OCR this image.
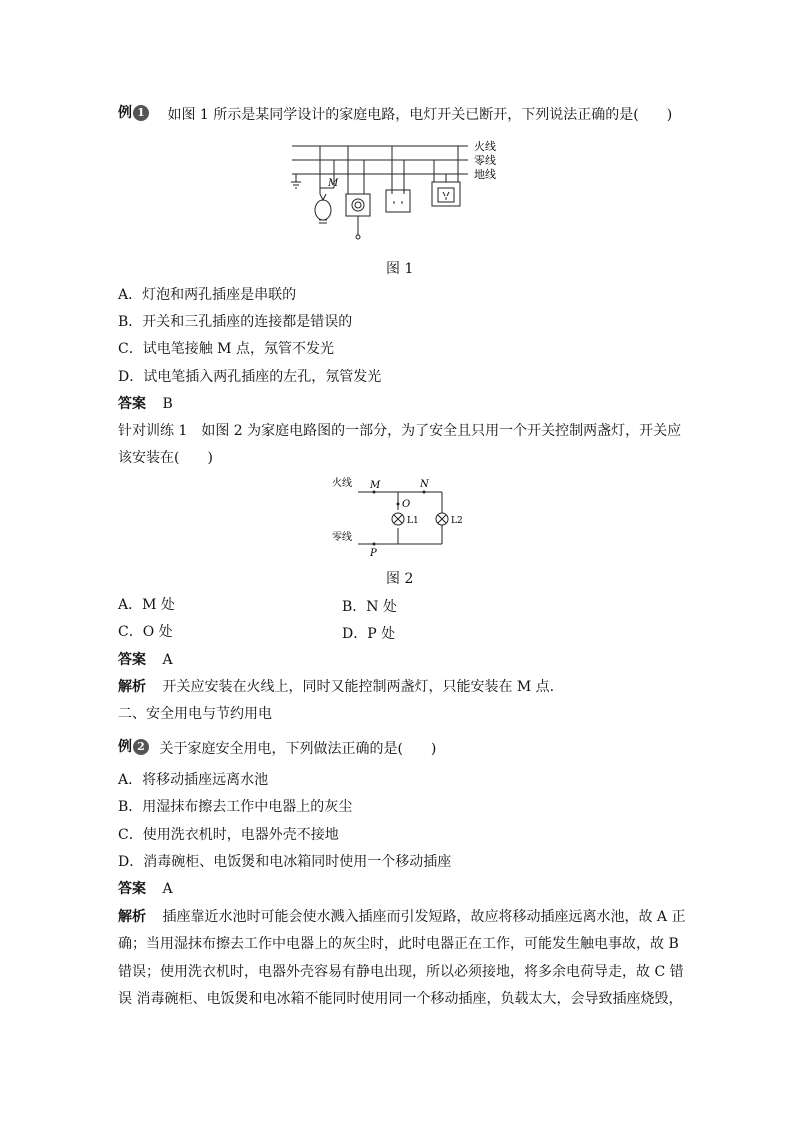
例 1 如图 1 所示是某同学设计的家庭电路，电灯开关已断开，下列说法正确的是(　　)
火线
零线
地线
M
图 1
A．灯泡和两孔插座是串联的
B．开关和三孔插座的连接都是错误的
C．试电笔接触 M 点，氖管不发光
D．试电笔插入两孔插座的左孔，氖管发光
答案 B
针对训练 1　如图 2 为家庭电路图的一部分，为了安全且只用一个开关控制两盏灯，开关应
该安装在(　　)
火线
零线
M	N
O
P
L1	L2
图 2
A．M 处	B．N 处
C．O 处	D．P 处
答案 A
解析 开关应安装在火线上，同时又能控制两盏灯，只能安装在 M 点.
二、安全用电与节约用电
例 2 关于家庭安全用电，下列做法正确的是(　　)
A．将移动插座远离水池
B．用湿抹布擦去工作中电器上的灰尘
C．使用洗衣机时，电器外壳不接地
D．消毒碗柜、电饭煲和电冰箱同时使用一个移动插座
答案 A
解析 插座靠近水池时可能会使水溅入插座而引发短路，故应将移动插座远离水池，故 A 正
确；当用湿抹布擦去工作中电器上的灰尘时，此时电器正在工作，可能发生触电事故，故 B
错误；使用洗衣机时，电器外壳容易有静电出现，所以必须接地，将多余电荷导走，故 C 错
误 消毒碗柜、电饭煲和电冰箱不能同时使用同一个移动插座，负载太大，会导致插座烧毁，
